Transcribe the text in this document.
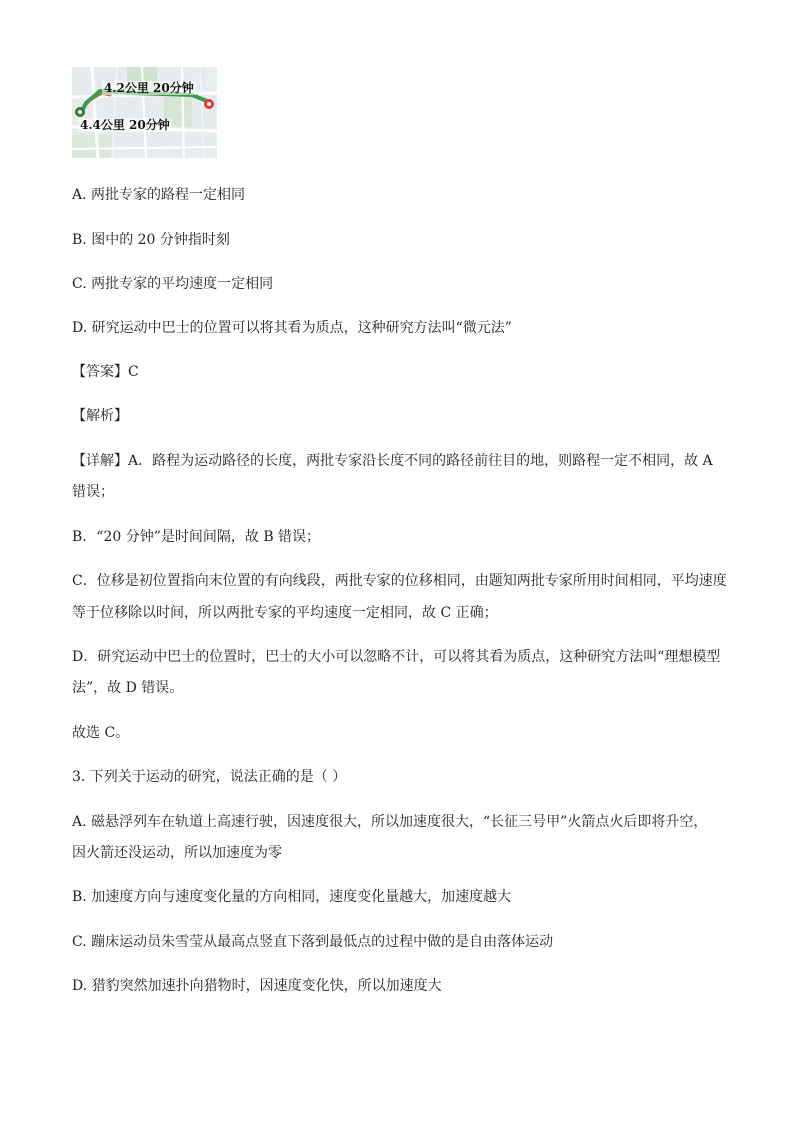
4.2公里 20分钟
4.4公里 20分钟
A. 两批专家的路程一定相同
B. 图中的 20 分钟指时刻
C. 两批专家的平均速度一定相同
D. 研究运动中巴士的位置可以将其看为质点，这种研究方法叫“微元法”
【答案】C
【解析】
【详解】A．路程为运动路径的长度，两批专家沿长度不同的路径前往目的地，则路程一定不相同，故 A
错误；
B．“20 分钟”是时间间隔，故 B 错误；
C．位移是初位置指向末位置的有向线段，两批专家的位移相同，由题知两批专家所用时间相同，平均速度
等于位移除以时间，所以两批专家的平均速度一定相同，故 C 正确；
D．研究运动中巴士的位置时，巴士的大小可以忽略不计，可以将其看为质点，这种研究方法叫“理想模型
法”，故 D 错误。
故选 C。
3. 下列关于运动的研究，说法正确的是（ ）
A. 磁悬浮列车在轨道上高速行驶，因速度很大，所以加速度很大，“长征三号甲”火箭点火后即将升空，
因火箭还没运动，所以加速度为零
B. 加速度方向与速度变化量的方向相同，速度变化量越大，加速度越大
C. 蹦床运动员朱雪莹从最高点竖直下落到最低点的过程中做的是自由落体运动
D. 猎豹突然加速扑向猎物时，因速度变化快，所以加速度大
